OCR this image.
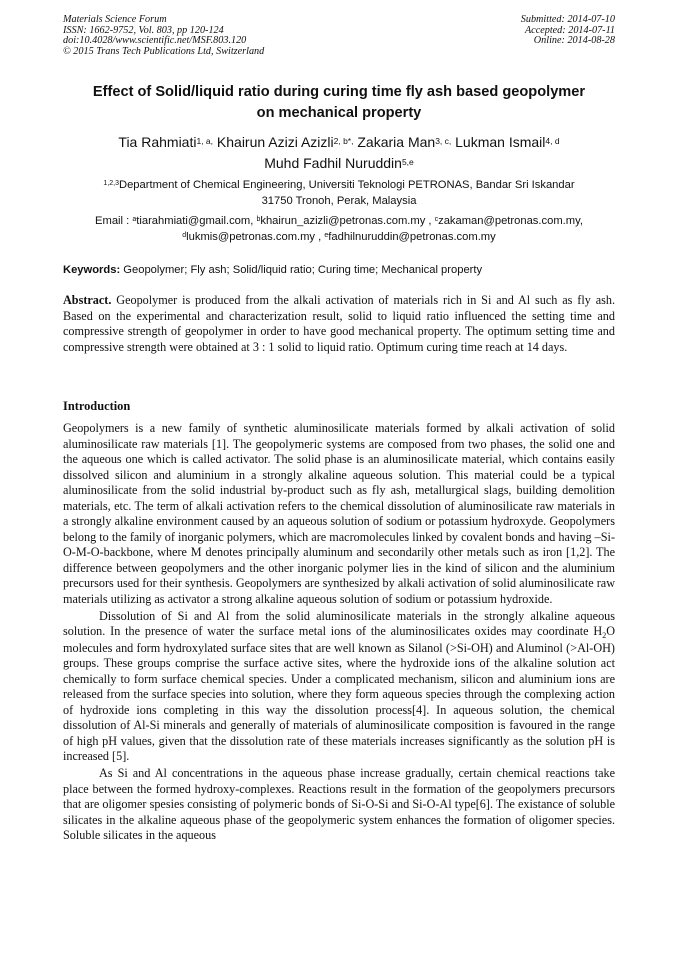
Materials Science Forum
ISSN: 1662-9752, Vol. 803, pp 120-124
doi:10.4028/www.scientific.net/MSF.803.120
© 2015 Trans Tech Publications Ltd, Switzerland
Submitted: 2014-07-10
Accepted: 2014-07-11
Online: 2014-08-28
Effect of Solid/liquid ratio during curing time fly ash based geopolymer
on mechanical property
Tia Rahmiati$^{1, a,}$ Khairun Azizi Azizli$^{2, b*,}$ Zakaria Man$^{3, c,}$ Lukman Ismail$^{4, d}$
Muhd Fadhil Nuruddin$^{5,e}$
$^{1,2,3}$Department of Chemical Engineering, Universiti Teknologi PETRONAS, Bandar Sri Iskandar
31750 Tronoh, Perak, Malaysia
Email : $^a$tiarahmiati@gmail.com, $^b$khairun_azizli@petronas.com.my , $^c$zakaman@petronas.com.my,
$^d$lukmis@petronas.com.my , $^e$fadhilnuruddin@petronas.com.my
Keywords: Geopolymer; Fly ash; Solid/liquid ratio; Curing time; Mechanical property
Abstract. Geopolymer is produced from the alkali activation of materials rich in Si and Al such as fly ash. Based on the experimental and characterization result, solid to liquid ratio influenced the setting time and compressive strength of geopolymer in order to have good mechanical property. The optimum setting time and compressive strength were obtained at 3 : 1 solid to liquid ratio. Optimum curing time reach at 14 days.
Introduction

Geopolymers is a new family of synthetic aluminosilicate materials formed by alkali activation of solid aluminosilicate raw materials [1]. The geopolymeric systems are composed from two phases, the solid one and the aqueous one which is called activator. The solid phase is an aluminosilicate material, which contains easily dissolved silicon and aluminium in a strongly alkaline aqueous solution. This material could be a typical aluminosilicate from the solid industrial by-product such as fly ash, metallurgical slags, building demolition materials, etc. The term of alkali activation refers to the chemical dissolution of aluminosilicate raw materials in a strongly alkaline environment caused by an aqueous solution of sodium or potassium hydroxyde. Geopolymers belong to the family of inorganic polymers, which are macromolecules linked by covalent bonds and having –Si-O-M-O-backbone, where M denotes principally aluminum and secondarily other metals such as iron [1,2]. The difference between geopolymers and the other inorganic polymer lies in the kind of silicon and the aluminium precursors used for their synthesis. Geopolymers are synthesized by alkali activation of solid aluminosilicate raw materials utilizing as activator a strong alkaline aqueous solution of sodium or potassium hydroxide.

Dissolution of Si and Al from the solid aluminosilicate materials in the strongly alkaline aqueous solution. In the presence of water the surface metal ions of the aluminosilicates oxides may coordinate $H_2O$ molecules and form hydroxylated surface sites that are well known as Silanol (>Si-OH) and Aluminol (>Al-OH) groups. These groups comprise the surface active sites, where the hydroxide ions of the alkaline solution act chemically to form surface chemical species. Under a complicated mechanism, silicon and aluminium ions are released from the surface species into solution, where they form aqueous species through the complexing action of hydroxide ions completing in this way the dissolution process[4]. In aqueous solution, the chemical dissolution of Al-Si minerals and generally of materials of aluminosilicate composition is favoured in the range of high pH values, given that the dissolution rate of these materials increases significantly as the solution pH is increased [5].

As Si and Al concentrations in the aqueous phase increase gradually, certain chemical reactions take place between the formed hydroxy-complexes. Reactions result in the formation of the geopolymers precursors that are oligomer spesies consisting of polymeric bonds of Si-O-Si and Si-O-Al type[6]. The existance of soluble silicates in the alkaline aqueous phase of the geopolymeric system enhances the formation of oligomer species. Soluble silicates in the aqueous
